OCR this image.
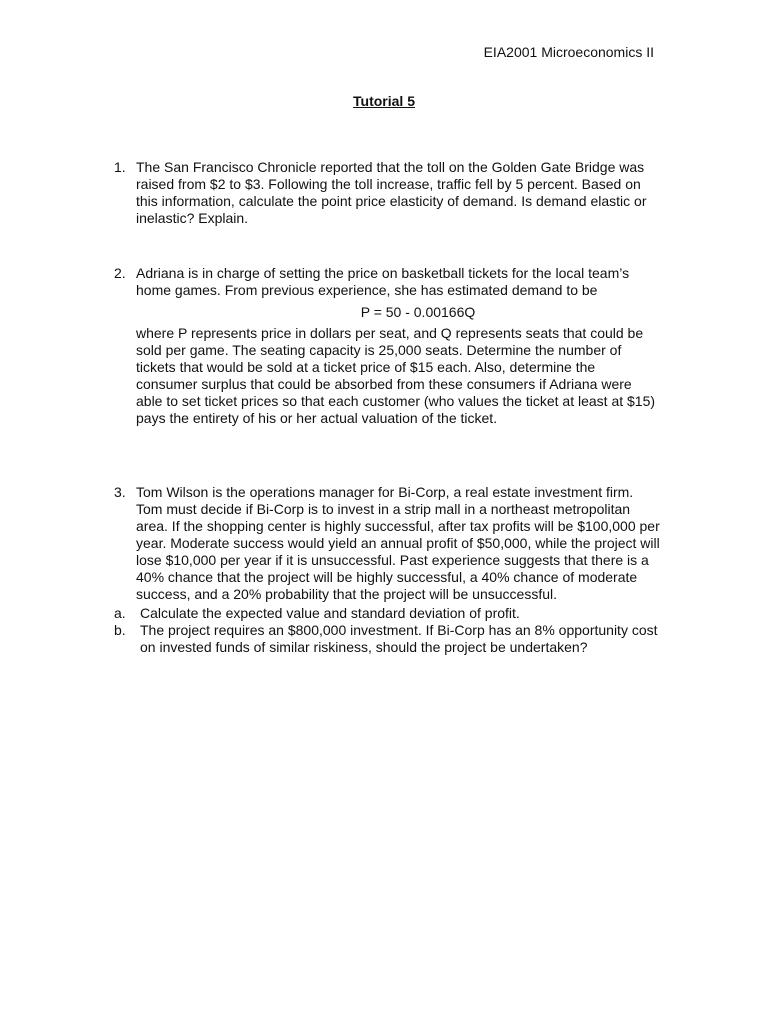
EIA2001 Microeconomics II
Tutorial 5
1. The San Francisco Chronicle reported that the toll on the Golden Gate Bridge was raised from $2 to $3. Following the toll increase, traffic fell by 5 percent. Based on this information, calculate the point price elasticity of demand. Is demand elastic or inelastic? Explain.
2. Adriana is in charge of setting the price on basketball tickets for the local team’s home games. From previous experience, she has estimated demand to be
P = 50 - 0.00166Q
where P represents price in dollars per seat, and Q represents seats that could be sold per game. The seating capacity is 25,000 seats. Determine the number of tickets that would be sold at a ticket price of $15 each. Also, determine the consumer surplus that could be absorbed from these consumers if Adriana were able to set ticket prices so that each customer (who values the ticket at least at $15) pays the entirety of his or her actual valuation of the ticket.
3. Tom Wilson is the operations manager for Bi-Corp, a real estate investment firm. Tom must decide if Bi-Corp is to invest in a strip mall in a northeast metropolitan area. If the shopping center is highly successful, after tax profits will be $100,000 per year. Moderate success would yield an annual profit of $50,000, while the project will lose $10,000 per year if it is unsuccessful. Past experience suggests that there is a 40% chance that the project will be highly successful, a 40% chance of moderate success, and a 20% probability that the project will be unsuccessful.
a. Calculate the expected value and standard deviation of profit.
b. The project requires an $800,000 investment. If Bi-Corp has an 8% opportunity cost on invested funds of similar riskiness, should the project be undertaken?
